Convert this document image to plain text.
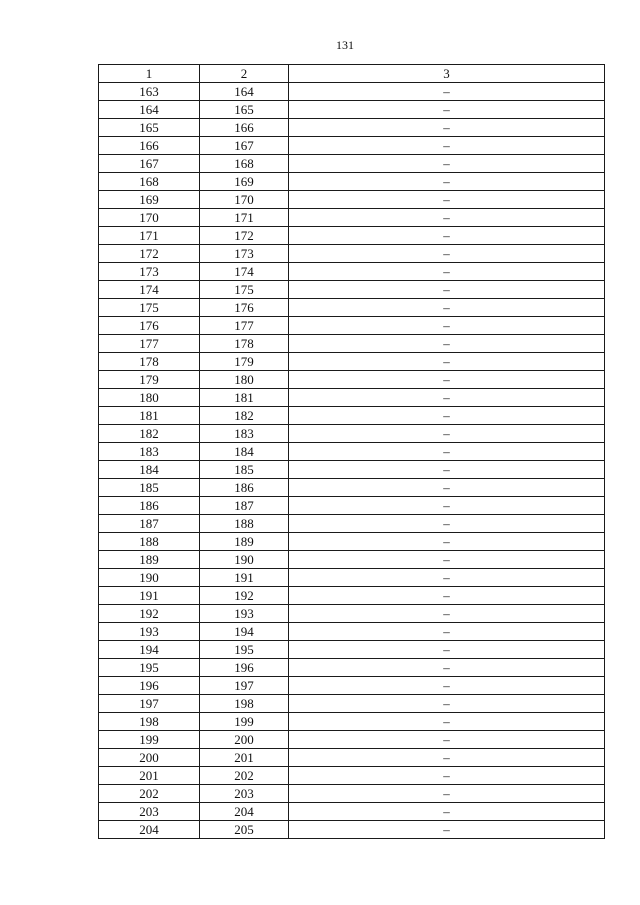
131
1	2	3
163	164	–
164	165	–
165	166	–
166	167	–
167	168	–
168	169	–
169	170	–
170	171	–
171	172	–
172	173	–
173	174	–
174	175	–
175	176	–
176	177	–
177	178	–
178	179	–
179	180	–
180	181	–
181	182	–
182	183	–
183	184	–
184	185	–
185	186	–
186	187	–
187	188	–
188	189	–
189	190	–
190	191	–
191	192	–
192	193	–
193	194	–
194	195	–
195	196	–
196	197	–
197	198	–
198	199	–
199	200	–
200	201	–
201	202	–
202	203	–
203	204	–
204	205	–
